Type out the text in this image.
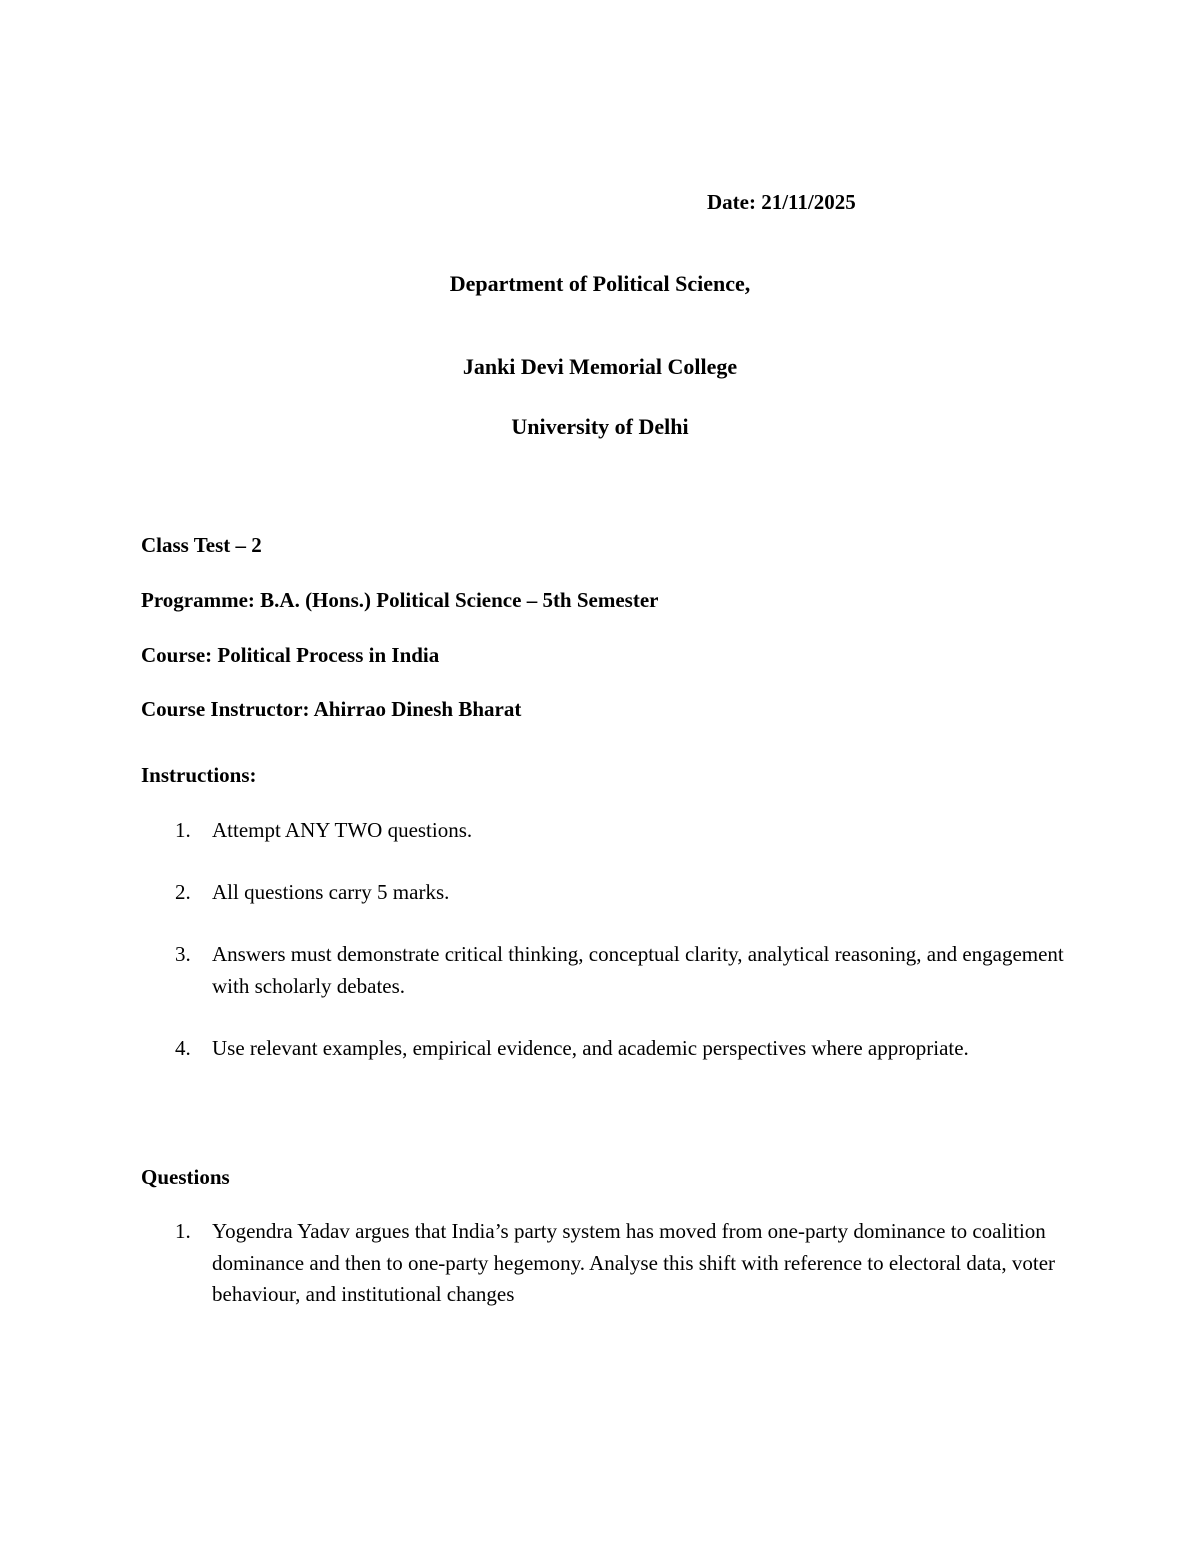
Date: 21/11/2025
Department of Political Science,
Janki Devi Memorial College
University of Delhi
Class Test – 2
Programme: B.A. (Hons.) Political Science – 5th Semester
Course: Political Process in India
Course Instructor: Ahirrao Dinesh Bharat
Instructions:
1.	Attempt ANY TWO questions.
2.	All questions carry 5 marks.
3.	Answers must demonstrate critical thinking, conceptual clarity, analytical reasoning, and engagement with scholarly debates.
4.	Use relevant examples, empirical evidence, and academic perspectives where appropriate.
Questions
1.	Yogendra Yadav argues that India’s party system has moved from one-party dominance to coalition dominance and then to one-party hegemony. Analyse this shift with reference to electoral data, voter behaviour, and institutional changes
